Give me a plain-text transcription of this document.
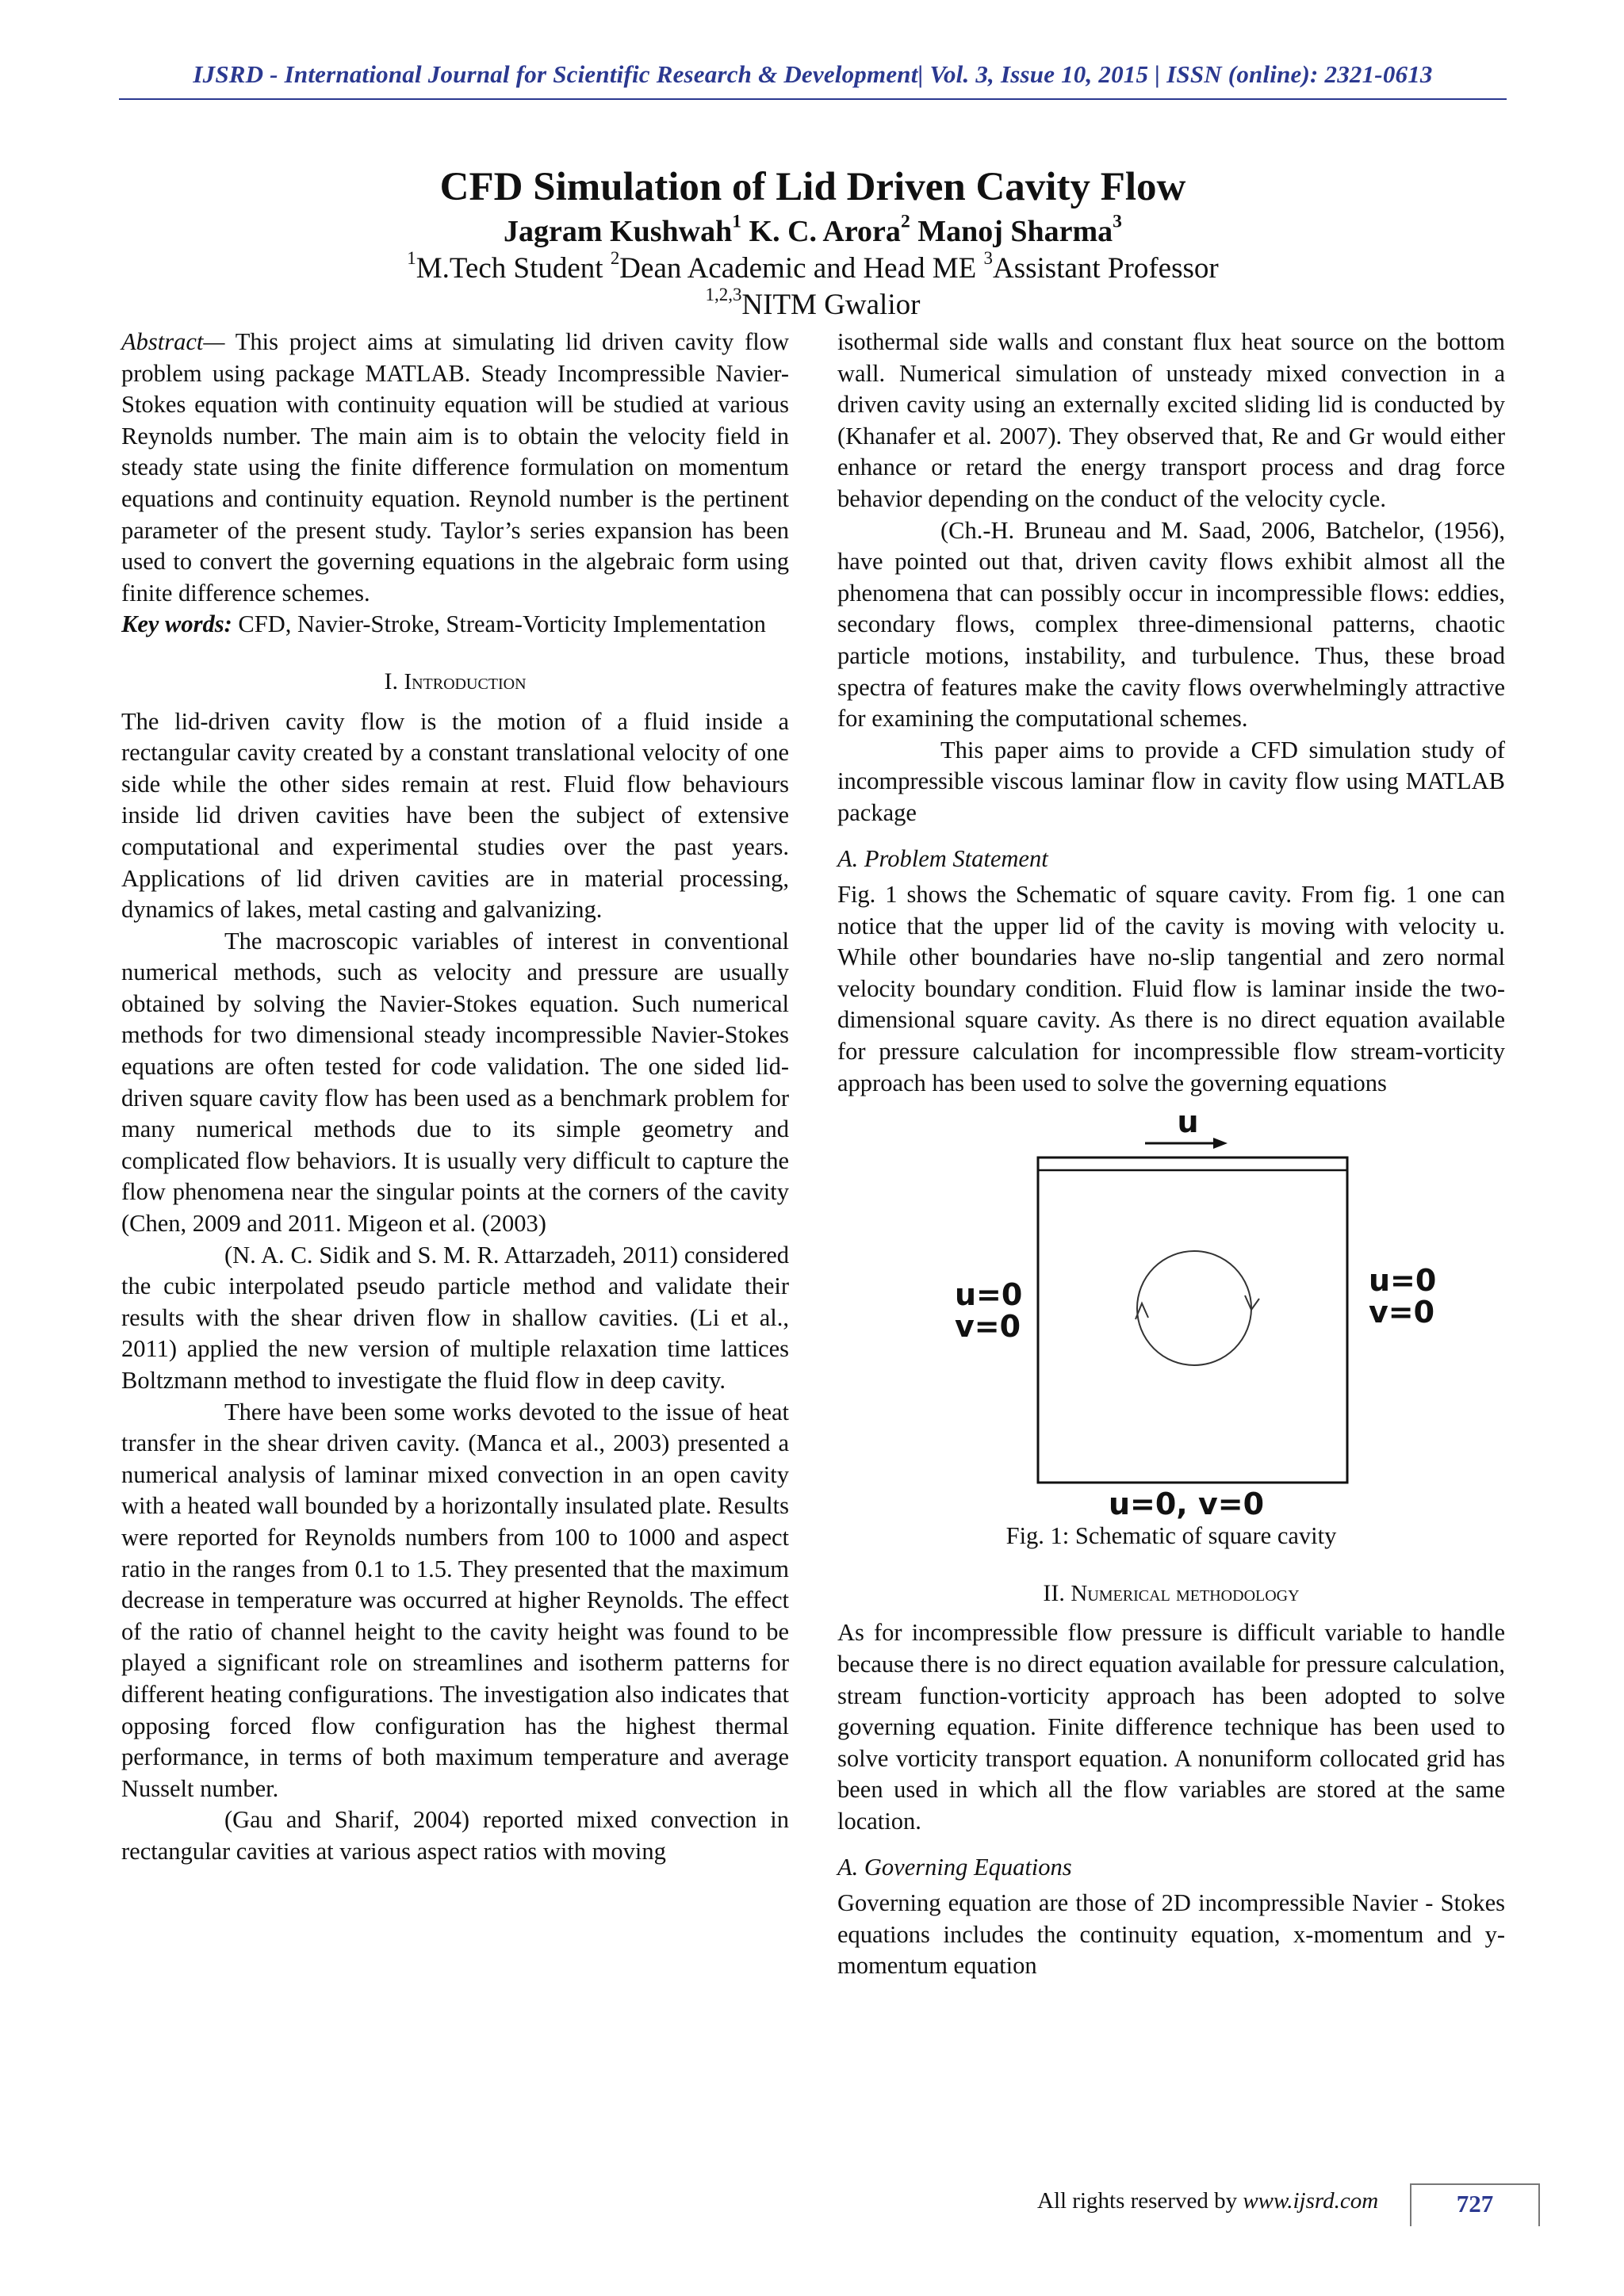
IJSRD - International Journal for Scientific Research & Development| Vol. 3, Issue 10, 2015 | ISSN (online): 2321-0613
CFD Simulation of Lid Driven Cavity Flow
Jagram Kushwah$^1$ K. C. Arora$^2$ Manoj Sharma$^3$
$^1$M.Tech Student $^2$Dean Academic and Head ME $^3$Assistant Professor
$^{1,2,3}$NITM Gwalior

Abstract— This project aims at simulating lid driven cavity flow problem using package MATLAB. Steady Incompressible Navier-Stokes equation with continuity equation will be studied at various Reynolds number. The main aim is to obtain the velocity field in steady state using the finite difference formulation on momentum equations and continuity equation. Reynold number is the pertinent parameter of the present study. Taylor’s series expansion has been used to convert the governing equations in the algebraic form using finite difference schemes.

Key words: CFD, Navier-Stroke, Stream-Vorticity Implementation

I. Introduction

The lid-driven cavity flow is the motion of a fluid inside a rectangular cavity created by a constant translational velocity of one side while the other sides remain at rest. Fluid flow behaviours inside lid driven cavities have been the subject of extensive computational and experimental studies over the past years. Applications of lid driven cavities are in material processing, dynamics of lakes, metal casting and galvanizing.

The macroscopic variables of interest in conventional numerical methods, such as velocity and pressure are usually obtained by solving the Navier-Stokes equation. Such numerical methods for two dimensional steady incompressible Navier-Stokes equations are often tested for code validation. The one sided lid-driven square cavity flow has been used as a benchmark problem for many numerical methods due to its simple geometry and complicated flow behaviors. It is usually very difficult to capture the flow phenomena near the singular points at the corners of the cavity (Chen, 2009 and 2011. Migeon et al. (2003)

(N. A. C. Sidik and S. M. R. Attarzadeh, 2011) considered the cubic interpolated pseudo particle method and validate their results with the shear driven flow in shallow cavities. (Li et al., 2011) applied the new version of multiple relaxation time lattices Boltzmann method to investigate the fluid flow in deep cavity.

There have been some works devoted to the issue of heat transfer in the shear driven cavity. (Manca et al., 2003) presented a numerical analysis of laminar mixed convection in an open cavity with a heated wall bounded by a horizontally insulated plate. Results were reported for Reynolds numbers from 100 to 1000 and aspect ratio in the ranges from 0.1 to 1.5. They presented that the maximum decrease in temperature was occurred at higher Reynolds. The effect of the ratio of channel height to the cavity height was found to be played a significant role on streamlines and isotherm patterns for different heating configurations. The investigation also indicates that opposing forced flow configuration has the highest thermal performance, in terms of both maximum temperature and average Nusselt number.

(Gau and Sharif, 2004) reported mixed convection in rectangular cavities at various aspect ratios with moving

isothermal side walls and constant flux heat source on the bottom wall. Numerical simulation of unsteady mixed convection in a driven cavity using an externally excited sliding lid is conducted by (Khanafer et al. 2007). They observed that, Re and Gr would either enhance or retard the energy transport process and drag force behavior depending on the conduct of the velocity cycle.

(Ch.-H. Bruneau and M. Saad, 2006, Batchelor, (1956), have pointed out that, driven cavity flows exhibit almost all the phenomena that can possibly occur in incompressible flows: eddies, secondary flows, complex three-dimensional patterns, chaotic particle motions, instability, and turbulence. Thus, these broad spectra of features make the cavity flows overwhelmingly attractive for examining the computational schemes.

This paper aims to provide a CFD simulation study of incompressible viscous laminar flow in cavity flow using MATLAB package

A. Problem Statement

Fig. 1 shows the Schematic of square cavity. From fig. 1 one can notice that the upper lid of the cavity is moving with velocity u. While other boundaries have no-slip tangential and zero normal velocity boundary condition. Fluid flow is laminar inside the two-dimensional square cavity. As there is no direct equation available for pressure calculation for incompressible flow stream-vorticity approach has been used to solve the governing equations

u
u=0
v=0
u=0
v=0
u=0, v=0

Fig. 1: Schematic of square cavity

II. Numerical methodology

As for incompressible flow pressure is difficult variable to handle because there is no direct equation available for pressure calculation, stream function-vorticity approach has been adopted to solve governing equation. Finite difference technique has been used to solve vorticity transport equation. A nonuniform collocated grid has been used in which all the flow variables are stored at the same location.

A. Governing Equations

Governing equation are those of 2D incompressible Navier - Stokes equations includes the continuity equation, x-momentum and y-momentum equation

All rights reserved by www.ijsrd.com	727
